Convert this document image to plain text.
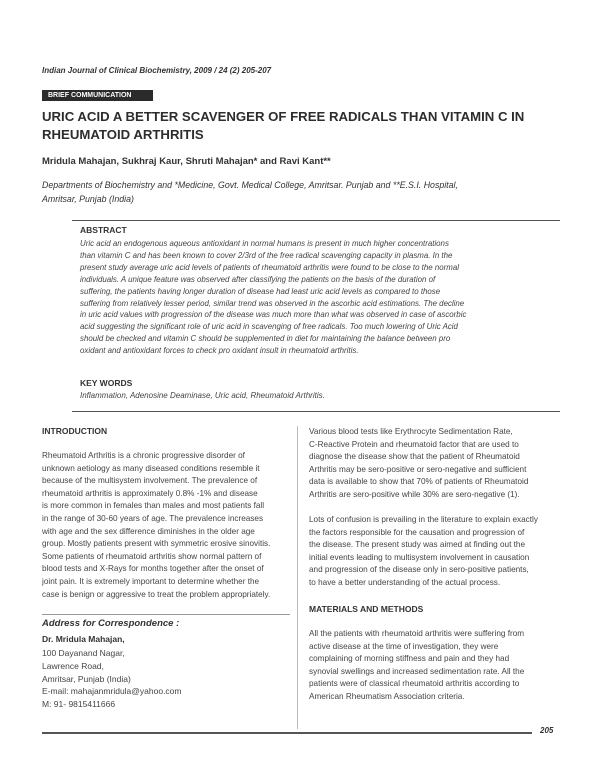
Indian Journal of Clinical Biochemistry, 2009 / 24 (2) 205-207
BRIEF COMMUNICATION
URIC ACID A BETTER SCAVENGER OF FREE RADICALS THAN VITAMIN C IN
RHEUMATOID ARTHRITIS
Mridula Mahajan, Sukhraj Kaur, Shruti Mahajan* and Ravi Kant**
Departments of Biochemistry and *Medicine, Govt. Medical College, Amritsar. Punjab and **E.S.I. Hospital,
Amritsar, Punjab (India)
ABSTRACT
Uric acid an endogenous aqueous antioxidant in normal humans is present in much higher concentrations
than vitamin C and has been known to cover 2/3rd of the free radical scavenging capacity in plasma. In the
present study average uric acid levels of patients of rheumatoid arthritis were found to be close to the normal
individuals. A unique feature was observed after classifying the patients on the basis of the duration of
suffering, the patients having longer duration of disease had least uric acid levels as compared to those
suffering from relatively lesser period, similar trend was observed in the ascorbic acid estimations. The decline
in uric acid values with progression of the disease was much more than what was observed in case of ascorbic
acid suggesting the significant role of uric acid in scavenging of free radicals. Too much lowering of Uric Acid
should be checked and vitamin C should be supplemented in diet for maintaining the balance between pro
oxidant and antioxidant forces to check pro oxidant insult in rheumatoid arthritis.
KEY WORDS
Inflammation, Adenosine Deaminase, Uric acid, Rheumatoid Arthritis.
INTRODUCTION
Rheumatoid Arthritis is a chronic progressive disorder of
unknown aetiology as many diseased conditions resemble it
because of the multisystem involvement. The prevalence of
rheumatoid arthritis is approximately 0.8% -1% and disease
is more common in females than males and most patients fall
in the range of 30-60 years of age. The prevalence increases
with age and the sex difference diminishes in the older age
group. Mostly patients present with symmetric erosive sinovitis.
Some patients of rheumatoid arthritis show normal pattern of
blood tests and X-Rays for months together after the onset of
joint pain. It is extremely important to determine whether the
case is benign or aggressive to treat the problem appropriately.
Address for Correspondence :
Dr. Mridula Mahajan,
100 Dayanand Nagar,
Lawrence Road,
Amritsar, Punjab (India)
E-mail: mahajanmridula@yahoo.com
M: 91- 9815411666
Various blood tests like Erythrocyte Sedimentation Rate,
C-Reactive Protein and rheumatoid factor that are used to
diagnose the disease show that the patient of Rheumatoid
Arthritis may be sero-positive or sero-negative and sufficient
data is available to show that 70% of patients of Rheumatoid
Arthritis are sero-positive while 30% are sero-negative (1).
Lots of confusion is prevailing in the literature to explain exactly
the factors responsible for the causation and progression of
the disease. The present study was aimed at finding out the
initial events leading to multisystem involvement in causation
and progression of the disease only in sero-positive patients,
to have a better understanding of the actual process.
MATERIALS AND METHODS
All the patients with rheumatoid arthritis were suffering from
active disease at the time of investigation, they were
complaining of morning stiffness and pain and they had
synovial swellings and increased sedimentation rate. All the
patients were of classical rheumatoid arthritis according to
American Rheumatism Association criteria.
205
